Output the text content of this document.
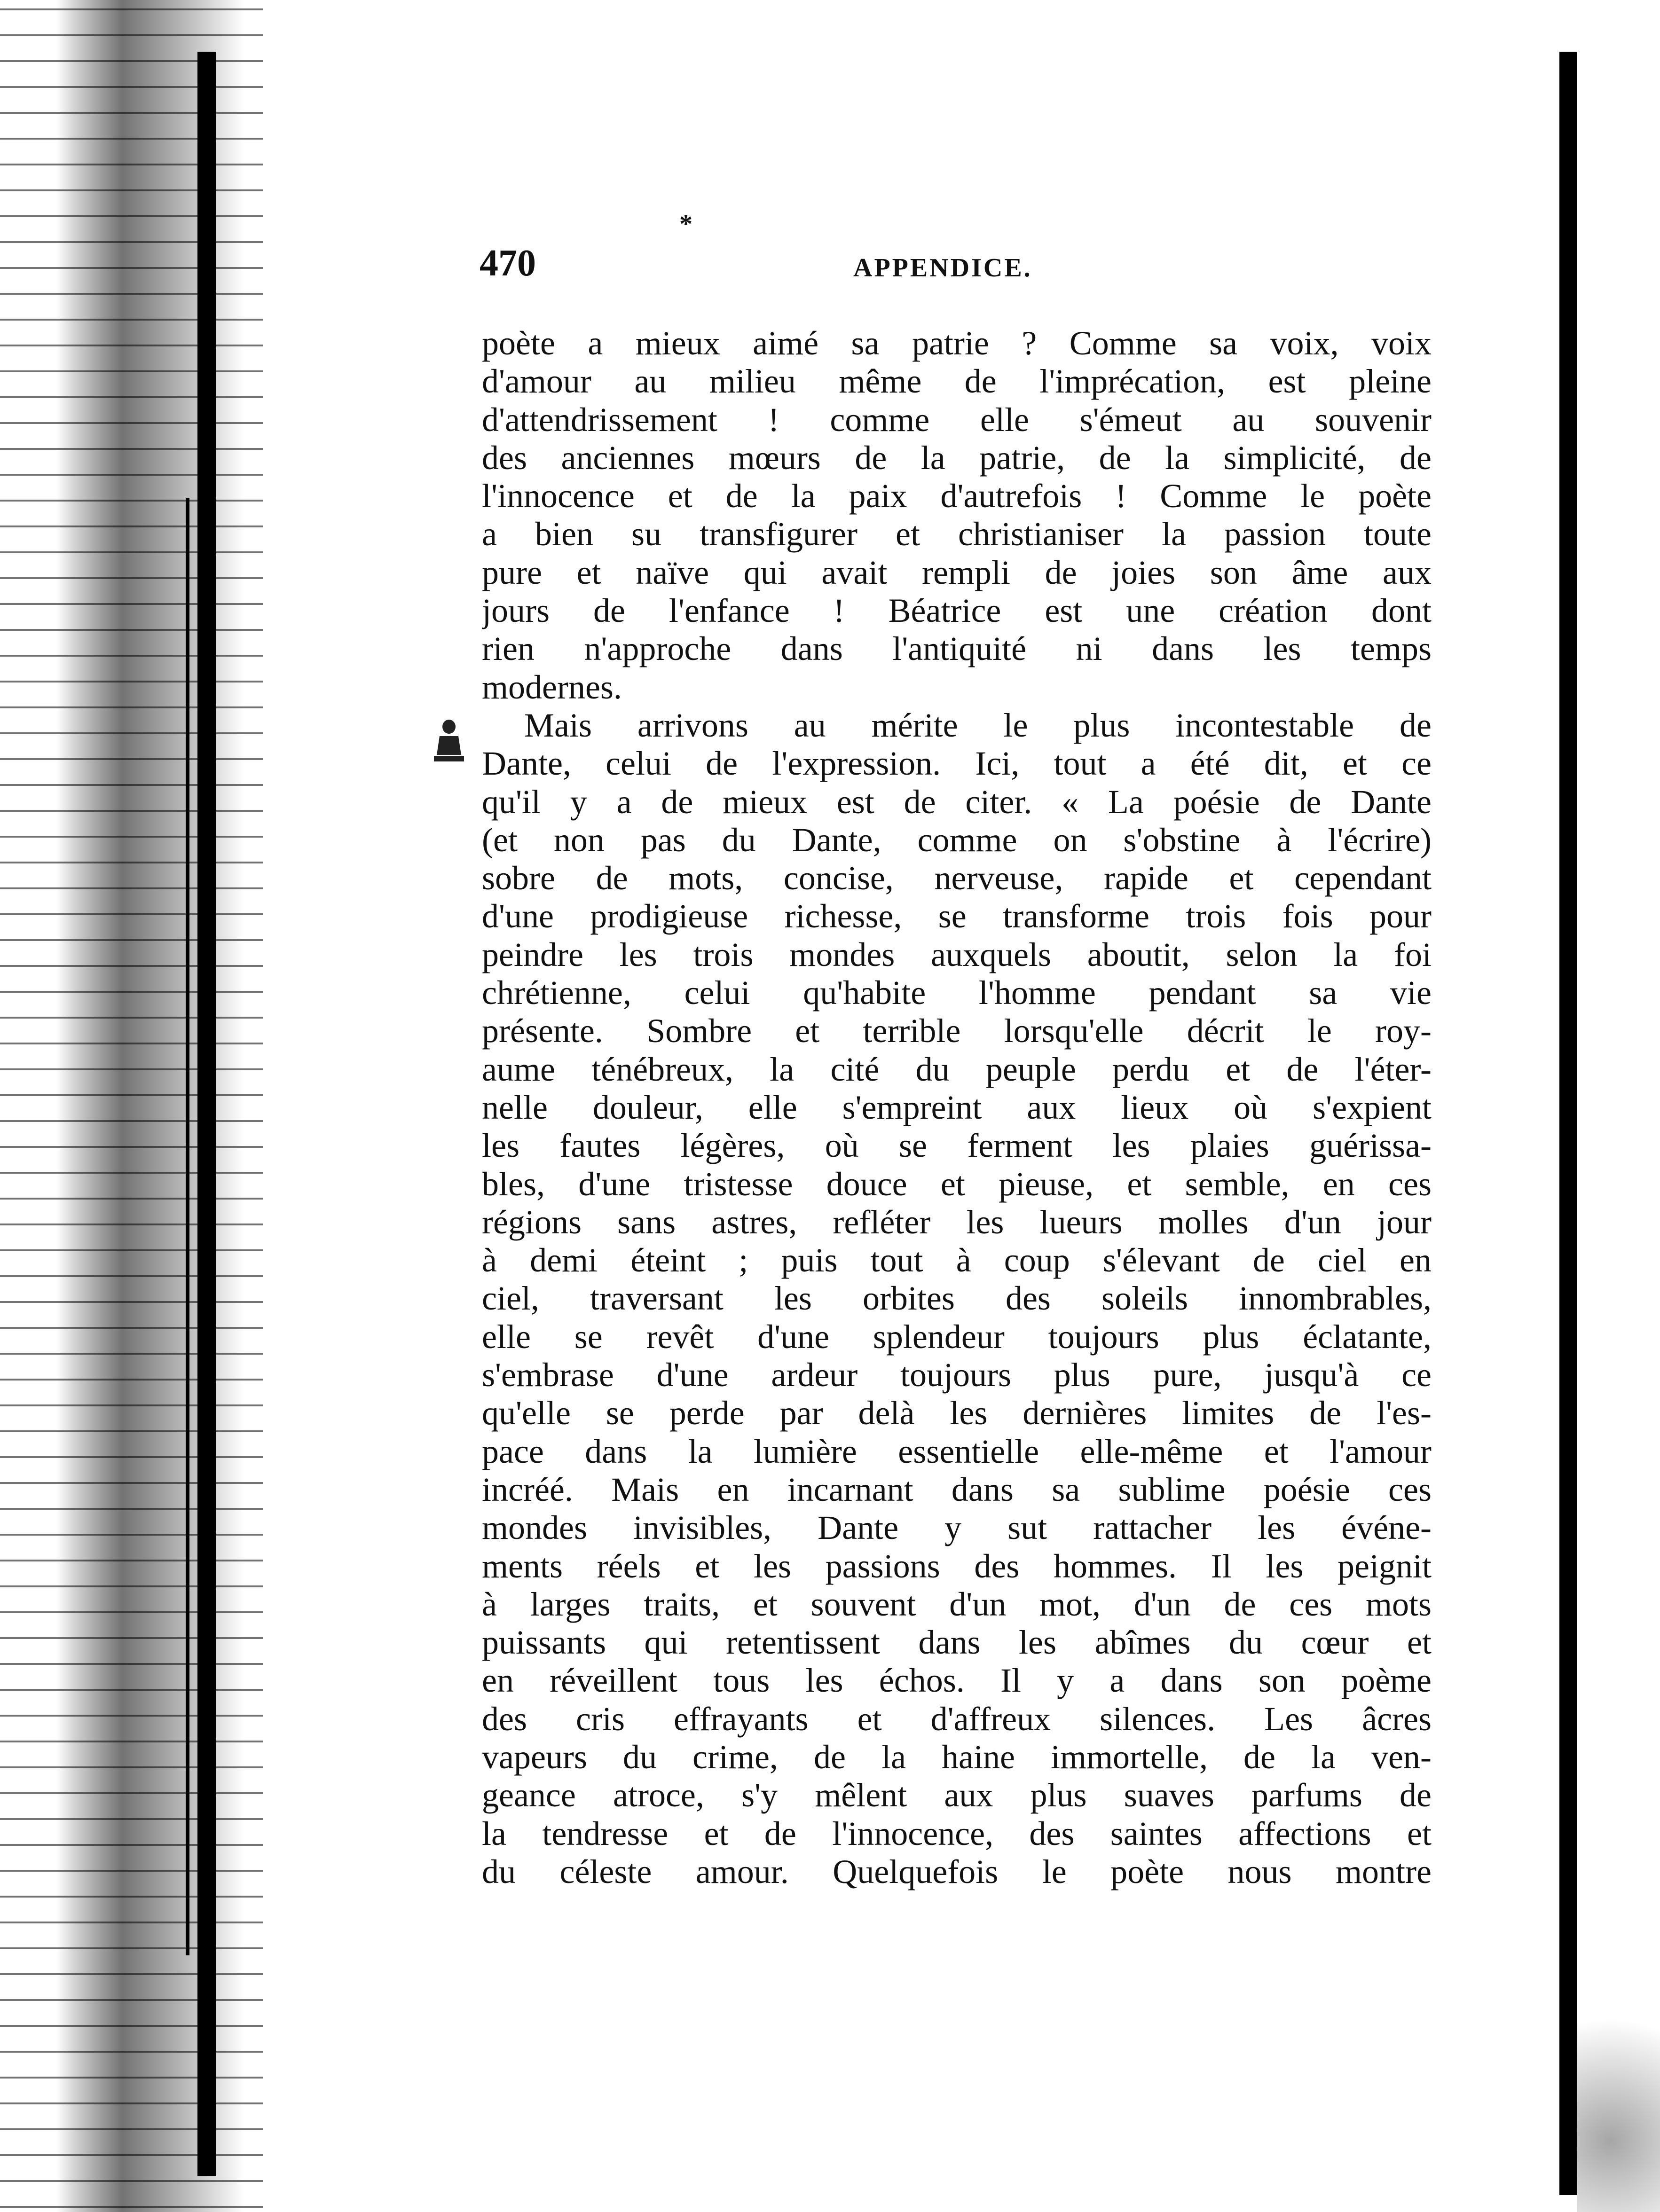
470
*
APPENDICE.
poète a mieux aimé sa patrie ? Comme sa voix, voix
d'amour au milieu même de l'imprécation, est pleine
d'attendrissement ! comme elle s'émeut au souvenir
des anciennes mœurs de la patrie, de la simplicité, de
l'innocence et de la paix d'autrefois ! Comme le poète
a bien su transfigurer et christianiser la passion toute
pure et naïve qui avait rempli de joies son âme aux
jours de l'enfance ! Béatrice est une création dont
rien n'approche dans l'antiquité ni dans les temps
modernes.
Mais arrivons au mérite le plus incontestable de
Dante, celui de l'expression. Ici, tout a été dit, et ce
qu'il y a de mieux est de citer. « La poésie de Dante
(et non pas du Dante, comme on s'obstine à l'écrire)
sobre de mots, concise, nerveuse, rapide et cependant
d'une prodigieuse richesse, se transforme trois fois pour
peindre les trois mondes auxquels aboutit, selon la foi
chrétienne, celui qu'habite l'homme pendant sa vie
présente. Sombre et terrible lorsqu'elle décrit le roy-
aume ténébreux, la cité du peuple perdu et de l'éter-
nelle douleur, elle s'empreint aux lieux où s'expient
les fautes légères, où se ferment les plaies guérissa-
bles, d'une tristesse douce et pieuse, et semble, en ces
régions sans astres, refléter les lueurs molles d'un jour
à demi éteint ; puis tout à coup s'élevant de ciel en
ciel, traversant les orbites des soleils innombrables,
elle se revêt d'une splendeur toujours plus éclatante,
s'embrase d'une ardeur toujours plus pure, jusqu'à ce
qu'elle se perde par delà les dernières limites de l'es-
pace dans la lumière essentielle elle-même et l'amour
incréé. Mais en incarnant dans sa sublime poésie ces
mondes invisibles, Dante y sut rattacher les événe-
ments réels et les passions des hommes. Il les peignit
à larges traits, et souvent d'un mot, d'un de ces mots
puissants qui retentissent dans les abîmes du cœur et
en réveillent tous les échos. Il y a dans son poème
des cris effrayants et d'affreux silences. Les âcres
vapeurs du crime, de la haine immortelle, de la ven-
geance atroce, s'y mêlent aux plus suaves parfums de
la tendresse et de l'innocence, des saintes affections et
du céleste amour. Quelquefois le poète nous montre
